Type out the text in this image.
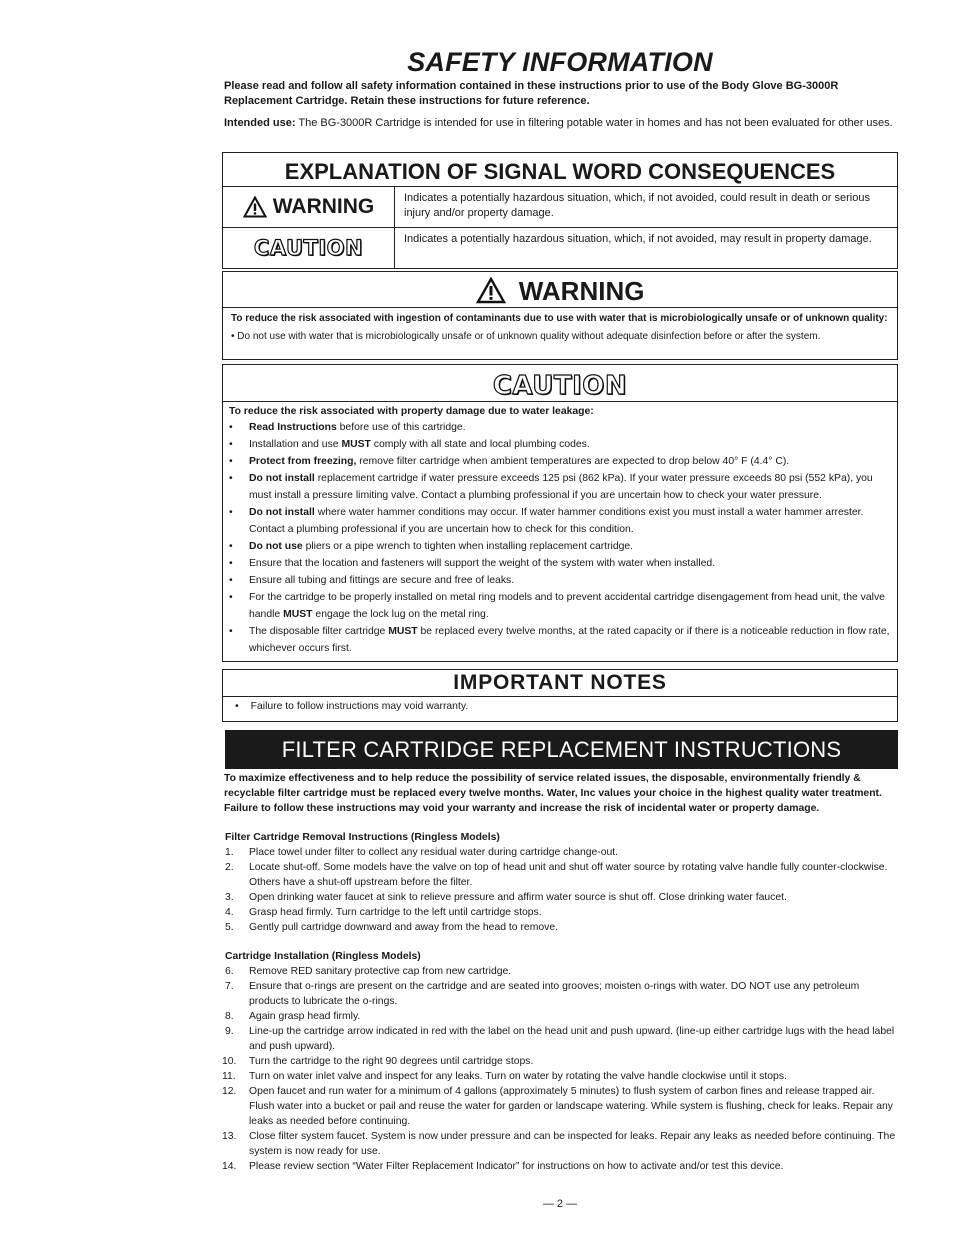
SAFETY INFORMATION
Please read and follow all safety information contained in these instructions prior to use of the Body Glove BG-3000R Replacement Cartridge. Retain these instructions for future reference.
Intended use: The BG-3000R Cartridge is intended for use in filtering potable water in homes and has not been evaluated for other uses.
EXPLANATION OF SIGNAL WORD CONSEQUENCES
WARNING	Indicates a potentially hazardous situation, which, if not avoided, could result in death or serious injury and/or property damage.
CAUTION	Indicates a potentially hazardous situation, which, if not avoided, may result in property damage.
WARNING
To reduce the risk associated with ingestion of contaminants due to use with water that is microbiologically unsafe or of unknown quality:
• Do not use with water that is microbiologically unsafe or of unknown quality without adequate disinfection before or after the system.
CAUTION
To reduce the risk associated with property damage due to water leakage:
• Read Instructions before use of this cartridge.
• Installation and use MUST comply with all state and local plumbing codes.
• Protect from freezing, remove filter cartridge when ambient temperatures are expected to drop below 40° F (4.4° C).
• Do not install replacement cartridge if water pressure exceeds 125 psi (862 kPa). If your water pressure exceeds 80 psi (552 kPa), you must install a pressure limiting valve. Contact a plumbing professional if you are uncertain how to check your water pressure.
• Do not install where water hammer conditions may occur. If water hammer conditions exist you must install a water hammer arrester. Contact a plumbing professional if you are uncertain how to check for this condition.
• Do not use pliers or a pipe wrench to tighten when installing replacement cartridge.
• Ensure that the location and fasteners will support the weight of the system with water when installed.
• Ensure all tubing and fittings are secure and free of leaks.
• For the cartridge to be properly installed on metal ring models and to prevent accidental cartridge disengagement from head unit, the valve handle MUST engage the lock lug on the metal ring.
• The disposable filter cartridge MUST be replaced every twelve months, at the rated capacity or if there is a noticeable reduction in flow rate, whichever occurs first.
IMPORTANT NOTES
• Failure to follow instructions may void warranty.
FILTER CARTRIDGE REPLACEMENT INSTRUCTIONS
To maximize effectiveness and to help reduce the possibility of service related issues, the disposable, environmentally friendly & recyclable filter cartridge must be replaced every twelve months. Water, Inc values your choice in the highest quality water treatment. Failure to follow these instructions may void your warranty and increase the risk of incidental water or property damage.
Filter Cartridge Removal Instructions (Ringless Models)
1. Place towel under filter to collect any residual water during cartridge change-out.
2. Locate shut-off. Some models have the valve on top of head unit and shut off water source by rotating valve handle fully counter-clockwise. Others have a shut-off upstream before the filter.
3. Open drinking water faucet at sink to relieve pressure and affirm water source is shut off. Close drinking water faucet.
4. Grasp head firmly. Turn cartridge to the left until cartridge stops.
5. Gently pull cartridge downward and away from the head to remove.
Cartridge Installation (Ringless Models)
6. Remove RED sanitary protective cap from new cartridge.
7. Ensure that o-rings are present on the cartridge and are seated into grooves; moisten o-rings with water. DO NOT use any petroleum products to lubricate the o-rings.
8. Again grasp head firmly.
9. Line-up the cartridge arrow indicated in red with the label on the head unit and push upward. (line-up either cartridge lugs with the head label and push upward).
10. Turn the cartridge to the right 90 degrees until cartridge stops.
11. Turn on water inlet valve and inspect for any leaks. Turn on water by rotating the valve handle clockwise until it stops.
12. Open faucet and run water for a minimum of 4 gallons (approximately 5 minutes) to flush system of carbon fines and release trapped air. Flush water into a bucket or pail and reuse the water for garden or landscape watering. While system is flushing, check for leaks. Repair any leaks as needed before continuing.
13. Close filter system faucet. System is now under pressure and can be inspected for leaks. Repair any leaks as needed before continuing. The system is now ready for use.
14. Please review section “Water Filter Replacement Indicator” for instructions on how to activate and/or test this device.
— 2 —
